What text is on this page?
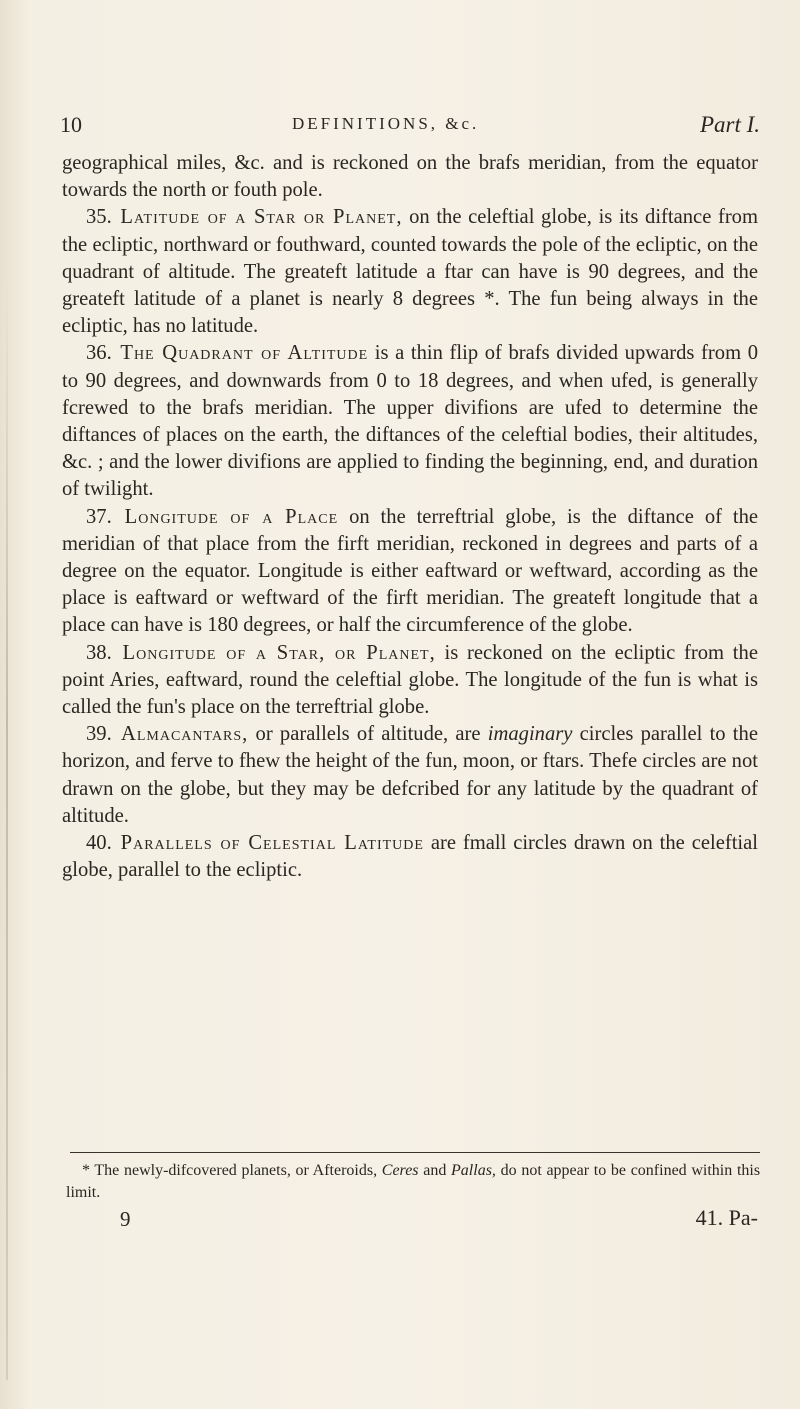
10	DEFINITIONS, &c.	Part I.

geographical miles, &c. and is reckoned on the brafs meridian, from the equator towards the north or fouth pole.

35. Latitude of a Star or Planet, on the celeftial globe, is its diftance from the ecliptic, northward or fouthward, counted towards the pole of the ecliptic, on the quadrant of altitude. The greateft latitude a ftar can have is 90 degrees, and the greateft latitude of a planet is nearly 8 degrees *. The fun being always in the ecliptic, has no latitude.

36. The Quadrant of Altitude is a thin flip of brafs divided upwards from 0 to 90 degrees, and downwards from 0 to 18 degrees, and when ufed, is generally fcrewed to the brafs meridian. The upper divifions are ufed to determine the diftances of places on the earth, the diftances of the celeftial bodies, their altitudes, &c. ; and the lower divifions are applied to finding the beginning, end, and duration of twilight.

37. Longitude of a Place on the terreftrial globe, is the diftance of the meridian of that place from the firft meridian, reckoned in degrees and parts of a degree on the equator. Longitude is either eaftward or weftward, according as the place is eaftward or weftward of the firft meridian. The greateft longitude that a place can have is 180 degrees, or half the circumference of the globe.

38. Longitude of a Star, or Planet, is reckoned on the ecliptic from the point Aries, eaftward, round the celeftial globe. The longitude of the fun is what is called the fun's place on the terreftrial globe.

39. Almacantars, or parallels of altitude, are imaginary circles parallel to the horizon, and ferve to fhew the height of the fun, moon, or ftars. Thefe circles are not drawn on the globe, but they may be defcribed for any latitude by the quadrant of altitude.

40. Parallels of Celestial Latitude are fmall circles drawn on the celeftial globe, parallel to the ecliptic.

* The newly-difcovered planets, or Afteroids, Ceres and Pallas, do not appear to be confined within this limit.

9	41. Pa-
